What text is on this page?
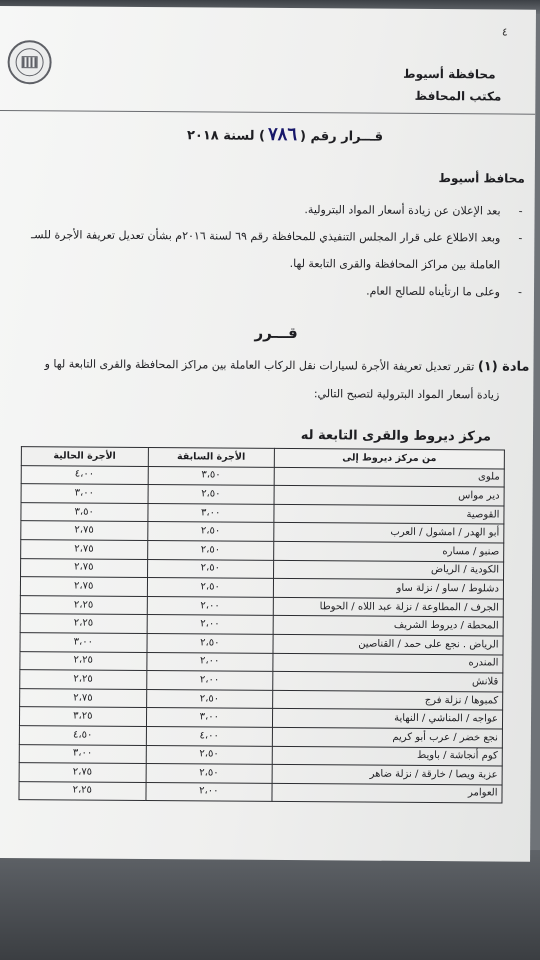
٤
محافظة أسيوط
مكتب المحافظ
قـــرار رقم (٧٨٦) لسنة ٢٠١٨
محافظ أسيوط
- بعد الإعلان عن زيادة أسعار المواد البترولية.
- وبعد الاطلاع على قرار المجلس التنفيذي للمحافظة رقم ٦٩ لسنة ٢٠١٦م بشأن تعديل تعريفة الأجرة للسـ
العاملة بين مراكز المحافظة والقرى التابعة لها.
- وعلى ما ارتأيناه للصالح العام.
قـــرر
مادة (١) تقرر تعديل تعريفة الأجرة لسيارات نقل الركاب العاملة بين مراكز المحافظة والقرى التابعة لها و
زيادة أسعار المواد البترولية لتصبح التالي:
مركز ديروط والقرى التابعة له
من مركز ديروط إلى	الأجرة السابقة	الأجرة الحالية
ملوى	٣،٥٠	٤،٠٠
دير مواس	٢،٥٠	٣،٠٠
القوصية	٣،٠٠	٣،٥٠
أبو الهدر / امشول / العرب	٢،٥٠	٢،٧٥
صنبو / مساره	٢،٥٠	٢،٧٥
الكودية / الرياض	٢،٥٠	٢،٧٥
دشلوط / ساو / نزلة ساو	٢،٥٠	٢،٧٥
الجرف / المطاوعة / نزلة عبد اللاه / الحوطا	٢،٠٠	٢،٢٥
المحطة / ديروط الشريف	٢،٠٠	٢،٢٥
الرياض . نجع على حمد / القناصين	٢،٥٠	٣،٠٠
المندره	٢،٠٠	٢،٢٥
قلانش	٢،٠٠	٢،٢٥
كمبوها / نزلة فرج	٢،٥٠	٢،٧٥
عواجه / المناشي / النهاية	٣،٠٠	٣،٢٥
نجع خضر / عرب أبو كريم	٤،٠٠	٤،٥٠
كوم أنجاشة / باويط	٢،٥٠	٣،٠٠
عزبة ويصا / خارقة / نزلة ضاهر	٢،٥٠	٢،٧٥
العوامر	٢،٠٠	٢،٢٥
